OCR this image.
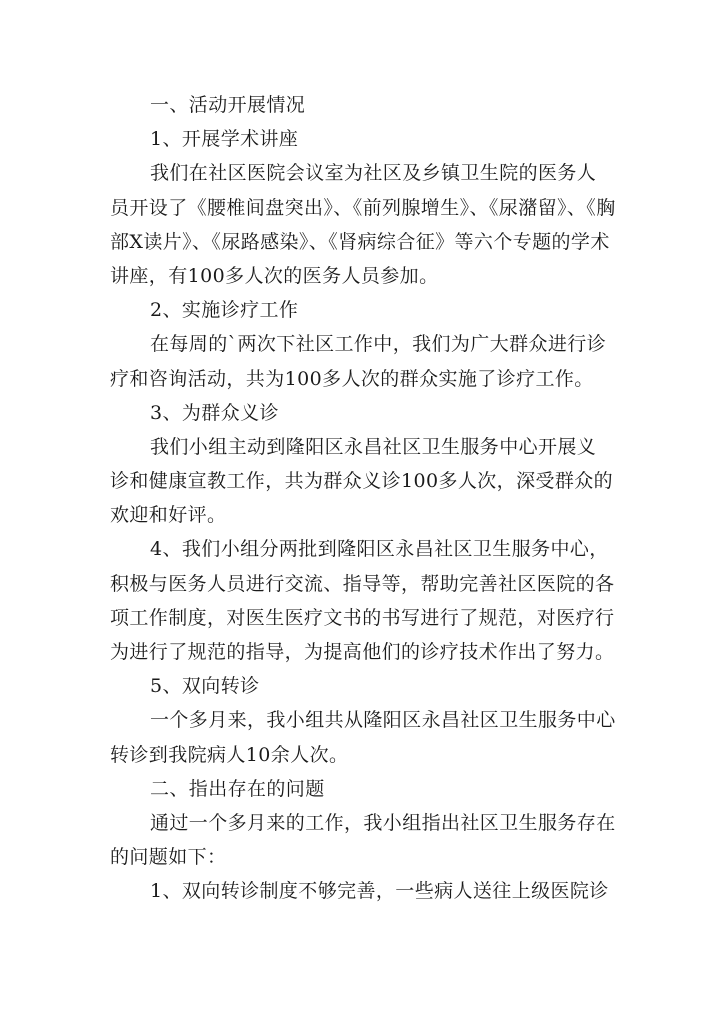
一、活动开展情况
1、开展学术讲座
我们在社区医院会议室为社区及乡镇卫生院的医务人
员开设了《腰椎间盘突出》、《前列腺增生》、《尿潴留》、《胸
部X读片》、《尿路感染》、《肾病综合征》等六个专题的学术
讲座，有100多人次的医务人员参加。
2、实施诊疗工作
在每周的`两次下社区工作中，我们为广大群众进行诊
疗和咨询活动，共为100多人次的群众实施了诊疗工作。
3、为群众义诊
我们小组主动到隆阳区永昌社区卫生服务中心开展义
诊和健康宣教工作，共为群众义诊100多人次，深受群众的
欢迎和好评。
4、我们小组分两批到隆阳区永昌社区卫生服务中心，
积极与医务人员进行交流、指导等，帮助完善社区医院的各
项工作制度，对医生医疗文书的书写进行了规范，对医疗行
为进行了规范的指导，为提高他们的诊疗技术作出了努力。
5、双向转诊
一个多月来，我小组共从隆阳区永昌社区卫生服务中心
转诊到我院病人10余人次。
二、指出存在的问题
通过一个多月来的工作，我小组指出社区卫生服务存在
的问题如下：
1、双向转诊制度不够完善，一些病人送往上级医院诊
